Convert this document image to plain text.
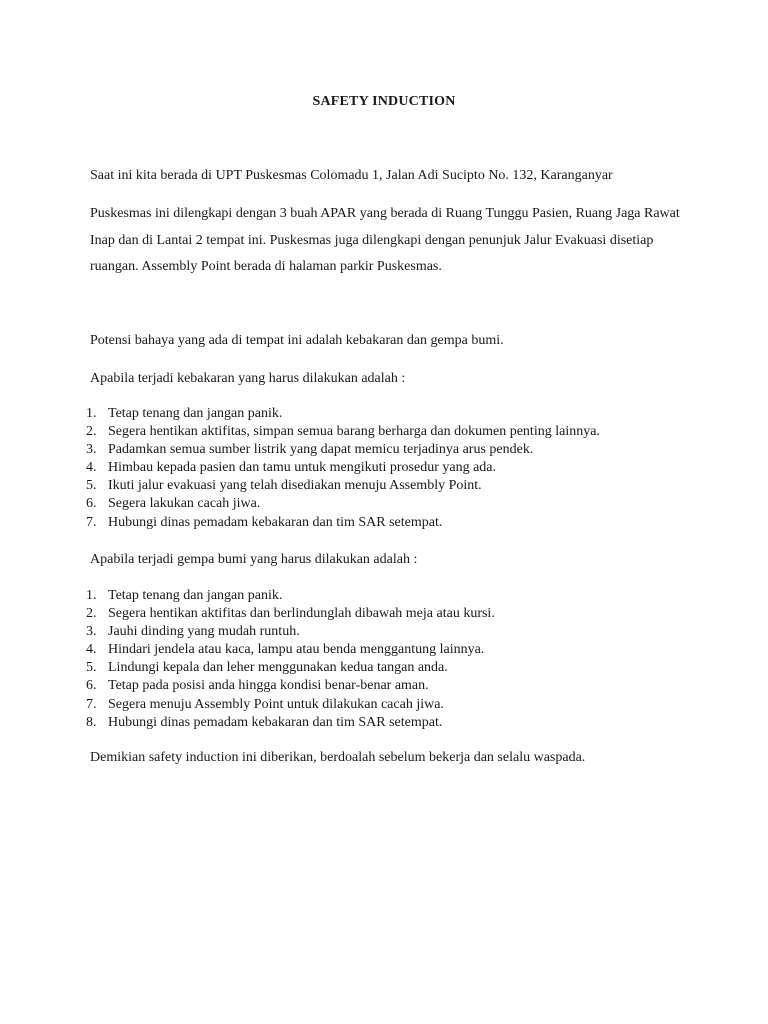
SAFETY INDUCTION
Saat ini kita berada di UPT Puskesmas Colomadu 1, Jalan Adi Sucipto No. 132, Karanganyar
Puskesmas ini dilengkapi dengan 3 buah APAR yang berada di Ruang Tunggu Pasien, Ruang Jaga Rawat Inap dan di Lantai 2 tempat ini. Puskesmas juga dilengkapi dengan penunjuk Jalur Evakuasi disetiap ruangan. Assembly Point berada di halaman parkir Puskesmas.
Potensi bahaya yang ada di tempat ini adalah kebakaran dan gempa bumi.
Apabila terjadi kebakaran yang harus dilakukan adalah :
1. Tetap tenang dan jangan panik.
2. Segera hentikan aktifitas, simpan semua barang berharga dan dokumen penting lainnya.
3. Padamkan semua sumber listrik yang dapat memicu terjadinya arus pendek.
4. Himbau kepada pasien dan tamu untuk mengikuti prosedur yang ada.
5. Ikuti jalur evakuasi yang telah disediakan menuju Assembly Point.
6. Segera lakukan cacah jiwa.
7. Hubungi dinas pemadam kebakaran dan tim SAR setempat.
Apabila terjadi gempa bumi yang harus dilakukan adalah :
1. Tetap tenang dan jangan panik.
2. Segera hentikan aktifitas dan berlindunglah dibawah meja atau kursi.
3. Jauhi dinding yang mudah runtuh.
4. Hindari jendela atau kaca, lampu atau benda menggantung lainnya.
5. Lindungi kepala dan leher menggunakan kedua tangan anda.
6. Tetap pada posisi anda hingga kondisi benar-benar aman.
7. Segera menuju Assembly Point untuk dilakukan cacah jiwa.
8. Hubungi dinas pemadam kebakaran dan tim SAR setempat.
Demikian safety induction ini diberikan, berdoalah sebelum bekerja dan selalu waspada.
